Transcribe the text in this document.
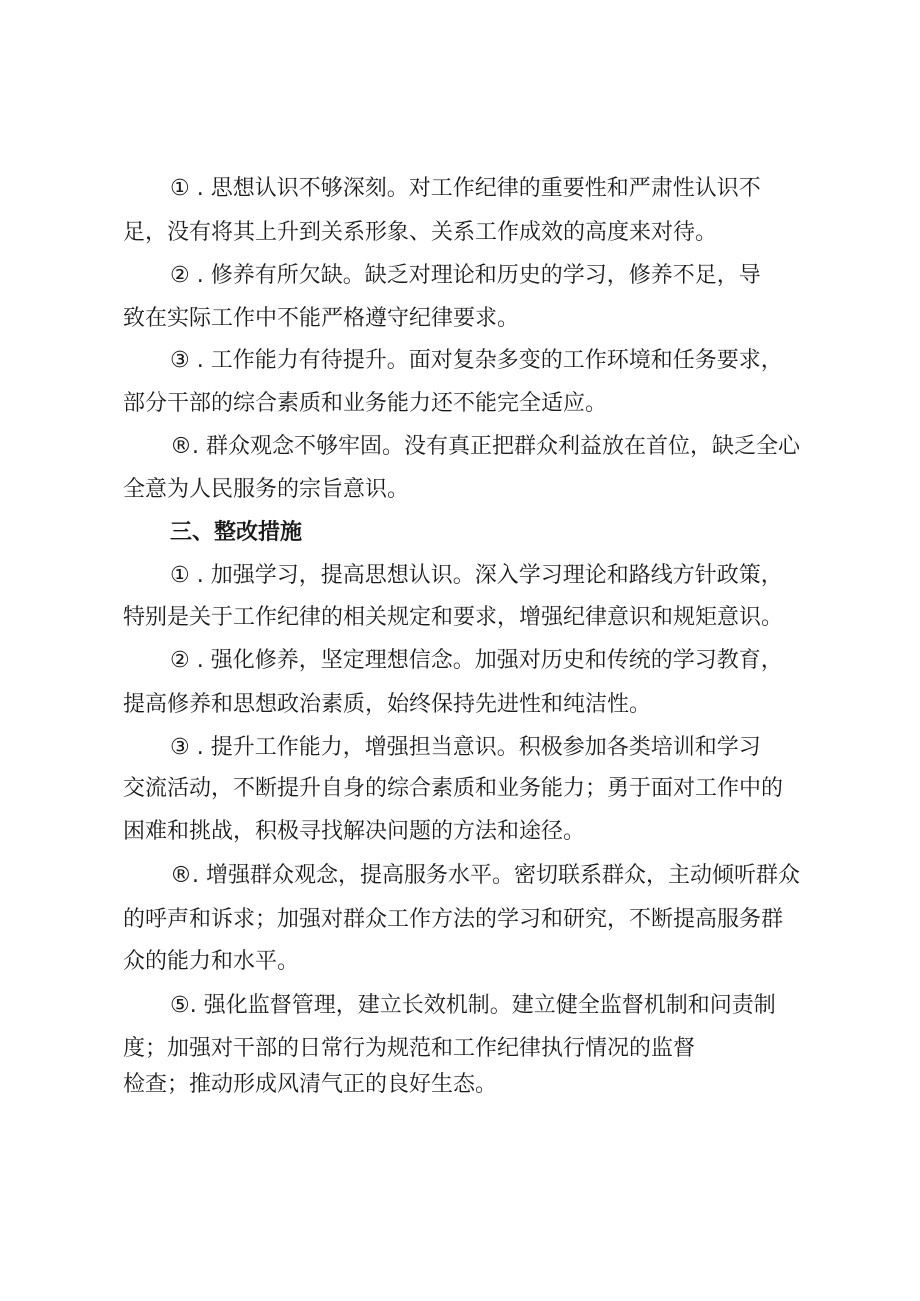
① . 思想认识不够深刻。对工作纪律的重要性和严肃性认识不
足，没有将其上升到关系形象、关系工作成效的高度来对待。
② . 修养有所欠缺。缺乏对理论和历史的学习，修养不足，导
致在实际工作中不能严格遵守纪律要求。
③ . 工作能力有待提升。面对复杂多变的工作环境和任务要求，
部分干部的综合素质和业务能力还不能完全适应。
®. 群众观念不够牢固。没有真正把群众利益放在首位，缺乏全心
全意为人民服务的宗旨意识。
三、整改措施
① . 加强学习，提高思想认识。深入学习理论和路线方针政策，
特别是关于工作纪律的相关规定和要求，增强纪律意识和规矩意识。
② . 强化修养，坚定理想信念。加强对历史和传统的学习教育，
提高修养和思想政治素质，始终保持先进性和纯洁性。
③ . 提升工作能力，增强担当意识。积极参加各类培训和学习
交流活动，不断提升自身的综合素质和业务能力；勇于面对工作中的
困难和挑战，积极寻找解决问题的方法和途径。
®. 增强群众观念，提高服务水平。密切联系群众，主动倾听群众
的呼声和诉求；加强对群众工作方法的学习和研究，不断提高服务群
众的能力和水平。
⑤. 强化监督管理，建立长效机制。建立健全监督机制和问责制
度；加强对干部的日常行为规范和工作纪律执行情况的监督
检查；推动形成风清气正的良好生态。
